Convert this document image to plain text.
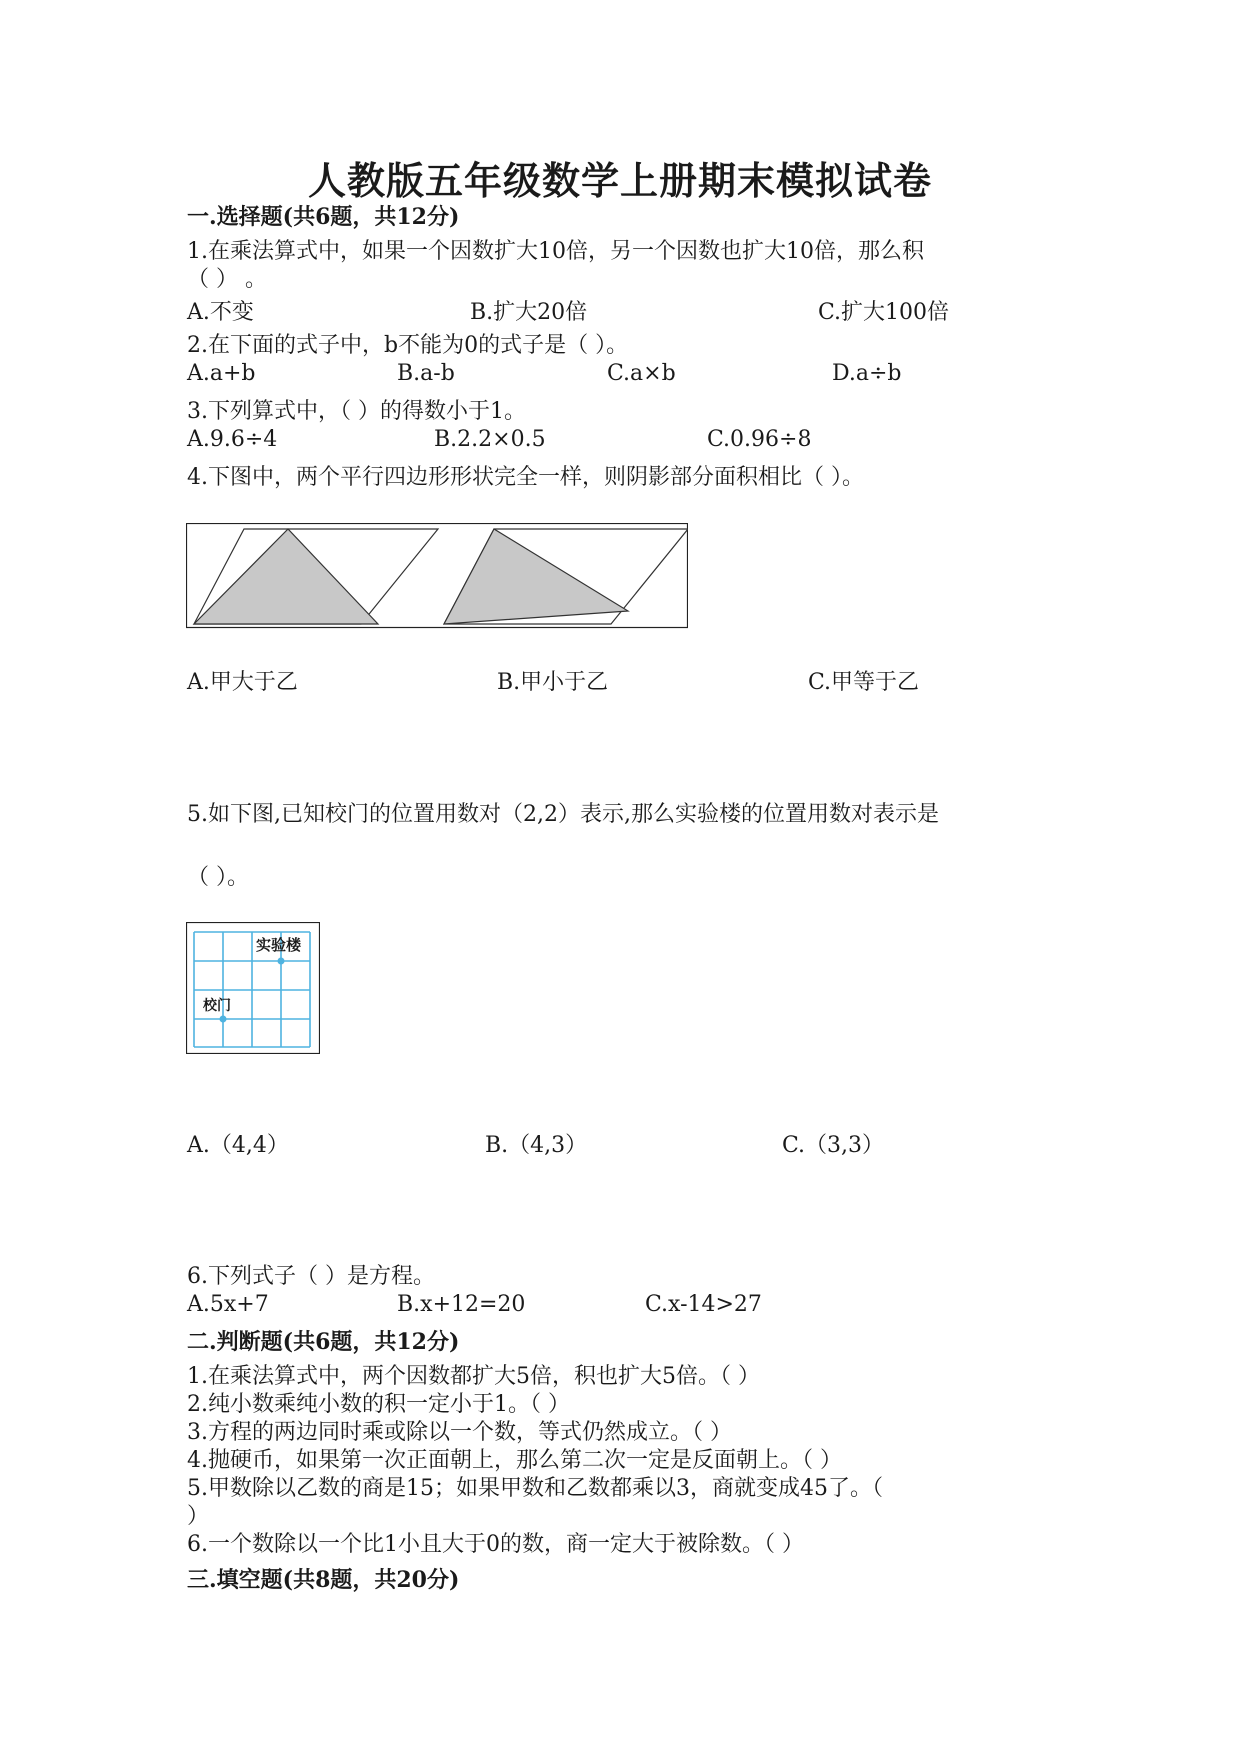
人教版五年级数学上册期末模拟试卷
一.选择题(共6题，共12分)
1.在乘法算式中，如果一个因数扩大10倍，另一个因数也扩大10倍，那么积
（ ） 。
A.不变	B.扩大20倍	C.扩大100倍
2.在下面的式子中，b不能为0的式子是（ ）。
A.a+b	B.a-b	C.a×b	D.a÷b
3.下列算式中，（ ）的得数小于1。
A.9.6÷4	B.2.2×0.5	C.0.96÷8
4.下图中，两个平行四边形形状完全一样，则阴影部分面积相比（ ）。
A.甲大于乙	B.甲小于乙	C.甲等于乙
5.如下图,已知校门的位置用数对（2,2）表示,那么实验楼的位置用数对表示是
（ ）。
实验楼
校门
A.（4,4）	B.（4,3）	C.（3,3）
6.下列式子（ ）是方程。
A.5x+7	B.x+12=20	C.x-14>27
二.判断题(共6题，共12分)
1.在乘法算式中，两个因数都扩大5倍，积也扩大5倍。（ ）
2.纯小数乘纯小数的积一定小于1。（ ）
3.方程的两边同时乘或除以一个数，等式仍然成立。（ ）
4.抛硬币，如果第一次正面朝上，那么第二次一定是反面朝上。（ ）
5.甲数除以乙数的商是15；如果甲数和乙数都乘以3，商就变成45了。（
）
6.一个数除以一个比1小且大于0的数，商一定大于被除数。（ ）
三.填空题(共8题，共20分)
